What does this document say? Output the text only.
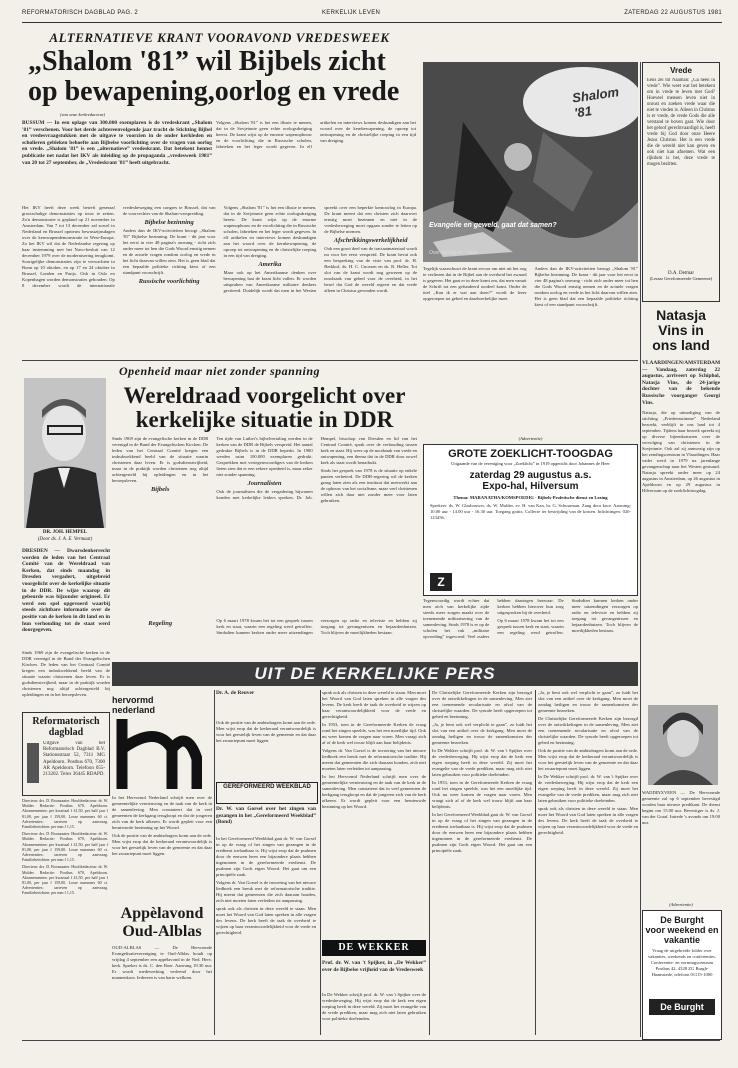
REFORMATORISCH DAGBLAD PAG. 2	KERKELIJK LEVEN	ZATERDAG 22 AUGUSTUS 1981
ALTERNATIEVE KRANT VOORAVOND VREDESWEEK
„Shalom '81” wil Bijbels zicht
op bewapening,oorlog en vrede
(van onze kerkredacteur)
BUSSUM — In een oplage van 300.000 exemplaren is de vredeskrant „Shalom '81” verschenen. Voor het derde achtereenvolgende jaar tracht de Stichting Bijbel en vredesvraagstukken met de uitgave te voorzien in de onder kerkleden en scholieren gebleken behoefte aan Bijbelse voorlichting over de vragen van oorlog en vrede. „Shalom '81” is een „alternatieve” vredeskrant. Dat betekent hennst publicatie net nadat het IKV als inleiding op de propaganda „vredesweek 1981” van 20 tot 27 september, de „Vredeskrant '81” heeft uitgebracht.

Het IKV heeft deze week betreft generaal grootschalige demonstraties op touw te zetten. Zo'n demonstratie is gepland op 21 november in Amsterdam. Van 7 tot 13 december zal zowel in Nederland en Brussel opnieuw bewustzijnsdagen over de kernwapendemonstratie in West-Europa. Zo het IKV wil dat de Nederlandse regering op haar instemming met het Navo-besluit van 12 december 1979 over de modernisering terugkomt. Soortgelijke demonstraties zijn te verwachten in Bonn op 10 oktober, en op 17 en 24 oktober in Brussel, Londen en Parijs. Ook in Oslo en Kopenhagen worden demonstraties gehouden. Op 8 december wordt de internationale vredesbeweging een congres te Brussel, dat van de voorvechter van de Shalom-verspreiding.

Bijbelse bezinning

Anders dan de IKV-activiteiten beoogt „Shalom '81” Bijbelse bezinning. De krant - dit jaar voor het eerst in vier 48 pagina's omvang - richt zich onder meer tot hen die Gods Woord ernstig nemen en de actuele vragen rondom oorlog en vrede in het licht daarvan willen zien. Het is geen blad dat een bepaalde politieke richting kiest of een standpunt voorschrijft.

Russische voorlichting

Volgens „Shalom '81” is het een illusie te menen, dat in de Sovjetunie geen echte oorlogsdreiging heerst. De krant wijst op de enorme wapenopbouw en de voorlichting die in Russische scholen, fabrieken en het leger wordt gegeven. In elf artikelen en interviews komen deskundigen aan het woord over de kernbewapening, de oproep tot ontwapening en de christelijke roeping in een tijd van dreiging.

Amerika

Maar ook op het Amerikaanse denken over bewapening laat de krant licht vallen. Er worden uitspraken van Amerikaanse militaire denkers geciteerd. Duidelijk wordt dat men in het Westen spreekt over een beperkte kernoorlog in Europa. De krant meent dat een christen zich daarover ernstig moet bezinnen en niet in de vredesbeweging moet opgaan zonder te letten op de Bijbelse normen.

Afschrikkingswerkelijkheid

Ook een groot deel van de tractaatmateriaal wordt nu voor het eerst verspreid. De krant bevat ook een bespreking van de visie van prof. dr. H. Berkhof, ds. H. C. Cnossen en ds. R. Heller. Tot slot van de krant wordt nog gewezen op de noodzaak van gebed voor de overheid, in het besef dat God de wereld regeert en dat vrede alleen in Christus gevonden wordt.

Volgens „Shalom '81” is het een illusie te menen, dat in de Sovjetunie geen echte oorlogsdreiging heerst. De krant wijst op de enorme wapenopbouw en de voorlichting die in Russische scholen, fabrieken en het leger wordt gegeven. In elf artikelen en interviews komen deskundigen aan het woord over de kernbewapening, de oproep tot ontwapening en de christelijke roeping in een tijd van dreiging.

Shalom '81
Evangelie en geweld, gaat dat samen?
Over Oorlog en Vrede

Tegelijk waarschuwt de krant ervoor om niet uit het oog te verliezen dat in de Bijbel aan de overheid het zwaard is gegeven. Het gaat er in deze krant om, dat men vanuit de Schrift tot een gefundeerd oordeel komt. Onder de titel „Kan ik er wat aan doen?” wordt de lezer opgeroepen tot gebed en daadwerkelijke inzet.

Anders dan de IKV-activiteiten beoogt „Shalom '81” Bijbelse bezinning. De krant - dit jaar voor het eerst in vier 48 pagina's omvang - richt zich onder meer tot hen die Gods Woord ernstig nemen en de actuele vragen rondom oorlog en vrede in het licht daarvan willen zien. Het is geen blad dat een bepaalde politieke richting kiest of een standpunt voorschrijft.

Vrede
Eens zei tot Naäman: „Ga heen in vrede”. Wie weet wat het betekent om in vrede te leven met God? Hoeveel mensen leven niet in onrust en zoeken vrede waar die niet te vinden is. Alleen in Christus is er vrede, de vrede Gods die alle verstand te boven gaat. Wie door het geloof gerechtvaardigd is, heeft vrede bij God door onze Heere Jezus Christus. Het is een vrede die de wereld niet kan geven en ook niet kan afnemen. Wat een rijkdom is het, deze vrede te mogen bezitten.
D.A. Detmar
(Leraar Gereformeerde Gemeente)
Natasja
Vins in
ons land
VLAARDINGEN/AMSTERDAM — Vandaag, zaterdag 22 augustus, arriveert op Schiphol, Natasja Vins, de 24-jarige dochter van de bekende Russische voorganger Georgi Vins.
Natasja, die op uitnodiging van de stichting „Friedensstimme” Nederland bezoekt, verblijft in ons land tot 4 september. Tijdens haar bezoek spreekt zij op diverse bijeenkomsten over de vervolging van christenen in de Sovjetunie. Ook zal zij aanwezig zijn op het zendingscentrum in Vlaardingen. Haar vader werd in 1979 na jarenlange gevangenschap naar het Westen gestuurd. Natasja spreekt onder meer op 24 augustus in Amsterdam, op 26 augustus in Apeldoorn en op 29 augustus in Hilversum op de zoeklichttoogdag.
WADDINXVEEN — De Hervormde gemeente zal op 6 september bevestigd worden haar nieuwe predikant. De dienst begint om 15.00 uur. Bevestiger is ds. J. van der Graaf. Intrede 's avonds om 19.00 uur.
(Advertentie)
De Burght
voor weekend en
vakantie
Vraag de uitgebreide folder over vakanties, weekends en conferenties. Conferentie- en vormingscentrum Postbus 42, 4328 ZG Burgh-Haamstede, telefoon 01115-1000
De Burght
Openheid maar niet zonder spanning
DR. JOH. HEMPEL
(Door ds. J. A. E. Vermaat)
Wereldraad voorgelicht over
kerkelijke situatie in DDR

Sinds 1969 zijn de evangelische kerken in de DDR verenigd in de Bund der Evangelischen Kirchen. De leden van het Centraal Comité kregen een indrukwekkend beeld van de situatie waarin christenen daar leven. Er is godsdienstvrijheid, maar in de praktijk worden christenen nog altijd achtergesteld bij opleidingen en in het beroepsleven.

Bijbels

Ten tijde van Luther's bijbelvertaling werden in de kerken van de DDR de Bijbels verspreid. Het aantal gedrukte Bijbels is in de DDR beperkt. In 1980 werden ruim 100.000 exemplaren gedrukt. Gesprekken met vertegenwoordigers van de kerken lieten zien dat er een zekere openheid is, maar zeker niet zonder spanning.

Journalisten

Ook de journalisten die de vergadering bijwonen konden met kerkelijke leiders spreken. Dr. Joh. Hempel, bisschop van Dresden en lid van het Centraal Comité, sprak over de verhouding tussen kerk en staat. Hij wees op de noodzaak van vrede en ontwapening, een thema dat in de DDR door zowel kerk als staat wordt benadrukt.

Sinds het gesprek van 1978 is de situatie op enkele punten verbeterd. De DDR-regering wil de kerken graag laten zien als een instituut dat meewerkt aan de opbouw van het socialisme, maar veel christenen willen zich daar niet zonder meer voor laten gebruiken.

DRESDEN — Dwarsdenkerrecht worden de leden van het Centraal Comité van de Wereldraad van Kerken, dat sinds maandag in Dresden vergadert, uitgebreid voorgelicht over de kerkelijke situatie in de DDR. De wijze waarop dit gebeurde was bijzonder origineel. Er werd een spel opgevoerd waarbij steeds zichtbare informatie over de positie van de kerken in dit land en in hun verhouding tot de staat werd doorgegeven.
Sinds 1969 zijn de evangelische kerken in de DDR verenigd in de Bund der Evangelischen Kirchen. De leden van het Centraal Comité kregen een indrukwekkend beeld van de situatie waarin christenen daar leven. Er is godsdienstvrijheid, maar in de praktijk worden christenen nog altijd achtergesteld bij opleidingen en in het beroepsleven.
(Advertentie)
GROTE ZOEKLICHT-TOOGDAG
Uitgaande van de vereniging voor „Zoeklicht” in 1919 opgericht door Johannes de Heer
zaterdag 29 augustus a.s.
Expo-hal, Hilversum
Thema: MARANATHA/KOMSPOEDIG - Bijbels-Profetische dienst en Lezing
Sprekers: ds. W. Glashouwer, ds. W. Mulder, ev. H. van Kan, br. G. Schuurman. Zang door koor. Aanvang: 10.00 uur - 14.00 uur - 16.30 uur. Toegang gratis. Collecte ter bestrijding van de kosten. Inlichtingen: 020-123456.
Z

Tegenwoordig wordt echter dat men zich van kerkelijke zijde steeds meer zorgen maakt over de toenemende militarisering van de samenleving. Sinds 1978 is er op de scholen het vak „militaire opvoeding” ingevoerd. Veel ouders hebben daartegen bezwaar. De kerken hebben hierover hun zorg uitgesproken bij de overheid.

Op 6 maart 1978 kwam het tot een gesprek tussen kerk en staat, waarin een regeling werd getroffen. Sindsdien kunnen kerken onder meer uitzendingen verzorgen op radio en televisie en hebben zij toegang tot gevangenissen en bejaardenhuizen. Toch blijven de moeilijkheden bestaan.

Regeling	Op 6 maart 1978 kwam het tot een gesprek tussen kerk en staat, waarin een regeling werd getroffen. Sindsdien kunnen kerken onder meer uitzendingen verzorgen op radio en televisie en hebben zij toegang tot gevangenissen en bejaardenhuizen. Toch blijven de moeilijkheden bestaan.

UIT DE KERKELIJKE PERS
Reformatorisch
dagblad
Uitgave van het Reformatorisch Dagblad B.V. Stationsstraat 52, 7311 MG Apeldoorn. Postbus 670, 7300 AR Apeldoorn. Telefoon 055-213202. Telex 36445 RDAPD.

Directeur: drs. D. Boonzaaier. Hoofdredacteur: dr. W. Mulder. Redactie: Postbus 670, Apeldoorn. Abonnementen: per kwartaal f 41,50, per half jaar f 81,00, per jaar f 159,00. Losse nummers 60 ct. Advertenties: tarieven op aanvraag. Familieberichten: per mm f 1,15.

Directeur: drs. D. Boonzaaier. Hoofdredacteur: dr. W. Mulder. Redactie: Postbus 670, Apeldoorn. Abonnementen: per kwartaal f 41,50, per half jaar f 81,00, per jaar f 159,00. Losse nummers 60 ct. Advertenties: tarieven op aanvraag. Familieberichten: per mm f 1,15.

Directeur: drs. D. Boonzaaier. Hoofdredacteur: dr. W. Mulder. Redactie: Postbus 670, Apeldoorn. Abonnementen: per kwartaal f 41,50, per half jaar f 81,00, per jaar f 159,00. Losse nummers 60 ct. Advertenties: tarieven op aanvraag. Familieberichten: per mm f 1,15.

Appèlavond
Oud-Alblas
OUD-ALBLAS — De Hervormde Evangelisatievereniging te Oud-Alblas houdt op vrijdag 4 september een appèlavond in de Ned. Herv. kerk. Spreker is ds. C. den Boer. Aanvang 19.30 uur. Er wordt medewerking verleend door het mannenkoor. Iedereen is van harte welkom.
hervormd
nederland

In het Hervormd Nederland schrijft men over de gemeentelijke vernieuwing en de taak van de kerk in de samenleving. Men constateert dat in veel gemeenten de kerkgang terugloopt en dat de jongeren zich van de kerk afkeren. Er wordt gepleit voor een hernieuwde bezinning op het Woord.

Ook de positie van de ambtsdragers komt aan de orde. Men wijst erop dat de kerkeraad verantwoordelijk is voor het geestelijk leven van de gemeente en dat daar het zwaartepunt moet liggen.

Dr. A. de Reuver
Ook de positie van de ambtsdragers komt aan de orde. Men wijst erop dat de kerkeraad verantwoordelijk is voor het geestelijk leven van de gemeente en dat daar het zwaartepunt moet liggen.
GEREFORMEERD WEEKBLAD
Dr. W. van Gorsel over het zingen van gezangen in het „Gereformeerd Weekblad” (Bond)

In het Gereformeerd Weekblad gaat dr. W. van Gorsel in op de vraag of het zingen van gezangen in de eredienst toelaatbaar is. Hij wijst erop dat de psalmen door de eeuwen heen een bijzondere plaats hebben ingenomen in de gereformeerde eredienst. De psalmen zijn Gods eigen Woord. Het gaat om een principiële zaak.

Volgens dr. Van Gorsel is de invoering van het nieuwe liedboek een breuk met de reformatorische traditie. Hij meent dat gemeenten die zich daaraan houden, zich niet moeten laten verleiden tot aanpassing.

sprak ook als christen in deze wereld te staan. Men moet het Woord van God laten spreken in alle vragen des levens. De kerk heeft de taak de overheid te wijzen op haar verantwoordelijkheid voor de vrede en gerechtigheid.

sprak ook als christen in deze wereld te staan. Men moet het Woord van God laten spreken in alle vragen des levens. De kerk heeft de taak de overheid te wijzen op haar verantwoordelijkheid voor de vrede en gerechtigheid.

In 1953, toen in de Gereformeerde Kerken de vraag rond het zingen speelde, was het een moeilijke tijd. Ook nu weer komen de vragen naar voren. Men vraagt zich af of de kerk wel trouw blijft aan haar belijdenis.

Volgens dr. Van Gorsel is de invoering van het nieuwe liedboek een breuk met de reformatorische traditie. Hij meent dat gemeenten die zich daaraan houden, zich niet moeten laten verleiden tot aanpassing.

In het Hervormd Nederland schrijft men over de gemeentelijke vernieuwing en de taak van de kerk in de samenleving. Men constateert dat in veel gemeenten de kerkgang terugloopt en dat de jongeren zich van de kerk afkeren. Er wordt gepleit voor een hernieuwde bezinning op het Woord.

DE WEKKER
Prof. dr. W. van 't Spijker, in „De Wekker” over de Bijbelse vrijheid van de Vredesweek
In De Wekker schrijft prof. dr. W. van 't Spijker over de vredesbeweging. Hij wijst erop dat de kerk een eigen roeping heeft in deze wereld. Zij moet het evangelie van de vrede prediken, maar mag zich niet laten gebruiken voor politieke doeleinden.

De Christelijke Gereformeerde Kerken zijn bezorgd over de ontwikkelingen in de samenleving. Men ziet een toenemende secularisatie en afval van de christelijke waarden. De synode heeft opgeroepen tot gebed en bezinning.

„Ja, je bent ook wel verplicht te gaan”, zo luidt het slot van een artikel over de kerkgang. Men moet de zondag heiligen en trouw de samenkomsten der gemeente bezoeken.

In De Wekker schrijft prof. dr. W. van 't Spijker over de vredesbeweging. Hij wijst erop dat de kerk een eigen roeping heeft in deze wereld. Zij moet het evangelie van de vrede prediken, maar mag zich niet laten gebruiken voor politieke doeleinden.

In 1953, toen in de Gereformeerde Kerken de vraag rond het zingen speelde, was het een moeilijke tijd. Ook nu weer komen de vragen naar voren. Men vraagt zich af of de kerk wel trouw blijft aan haar belijdenis.

In het Gereformeerd Weekblad gaat dr. W. van Gorsel in op de vraag of het zingen van gezangen in de eredienst toelaatbaar is. Hij wijst erop dat de psalmen door de eeuwen heen een bijzondere plaats hebben ingenomen in de gereformeerde eredienst. De psalmen zijn Gods eigen Woord. Het gaat om een principiële zaak.

„Ja, je bent ook wel verplicht te gaan”, zo luidt het slot van een artikel over de kerkgang. Men moet de zondag heiligen en trouw de samenkomsten der gemeente bezoeken.

De Christelijke Gereformeerde Kerken zijn bezorgd over de ontwikkelingen in de samenleving. Men ziet een toenemende secularisatie en afval van de christelijke waarden. De synode heeft opgeroepen tot gebed en bezinning.

Ook de positie van de ambtsdragers komt aan de orde. Men wijst erop dat de kerkeraad verantwoordelijk is voor het geestelijk leven van de gemeente en dat daar het zwaartepunt moet liggen.

In De Wekker schrijft prof. dr. W. van 't Spijker over de vredesbeweging. Hij wijst erop dat de kerk een eigen roeping heeft in deze wereld. Zij moet het evangelie van de vrede prediken, maar mag zich niet laten gebruiken voor politieke doeleinden.

sprak ook als christen in deze wereld te staan. Men moet het Woord van God laten spreken in alle vragen des levens. De kerk heeft de taak de overheid te wijzen op haar verantwoordelijkheid voor de vrede en gerechtigheid.
